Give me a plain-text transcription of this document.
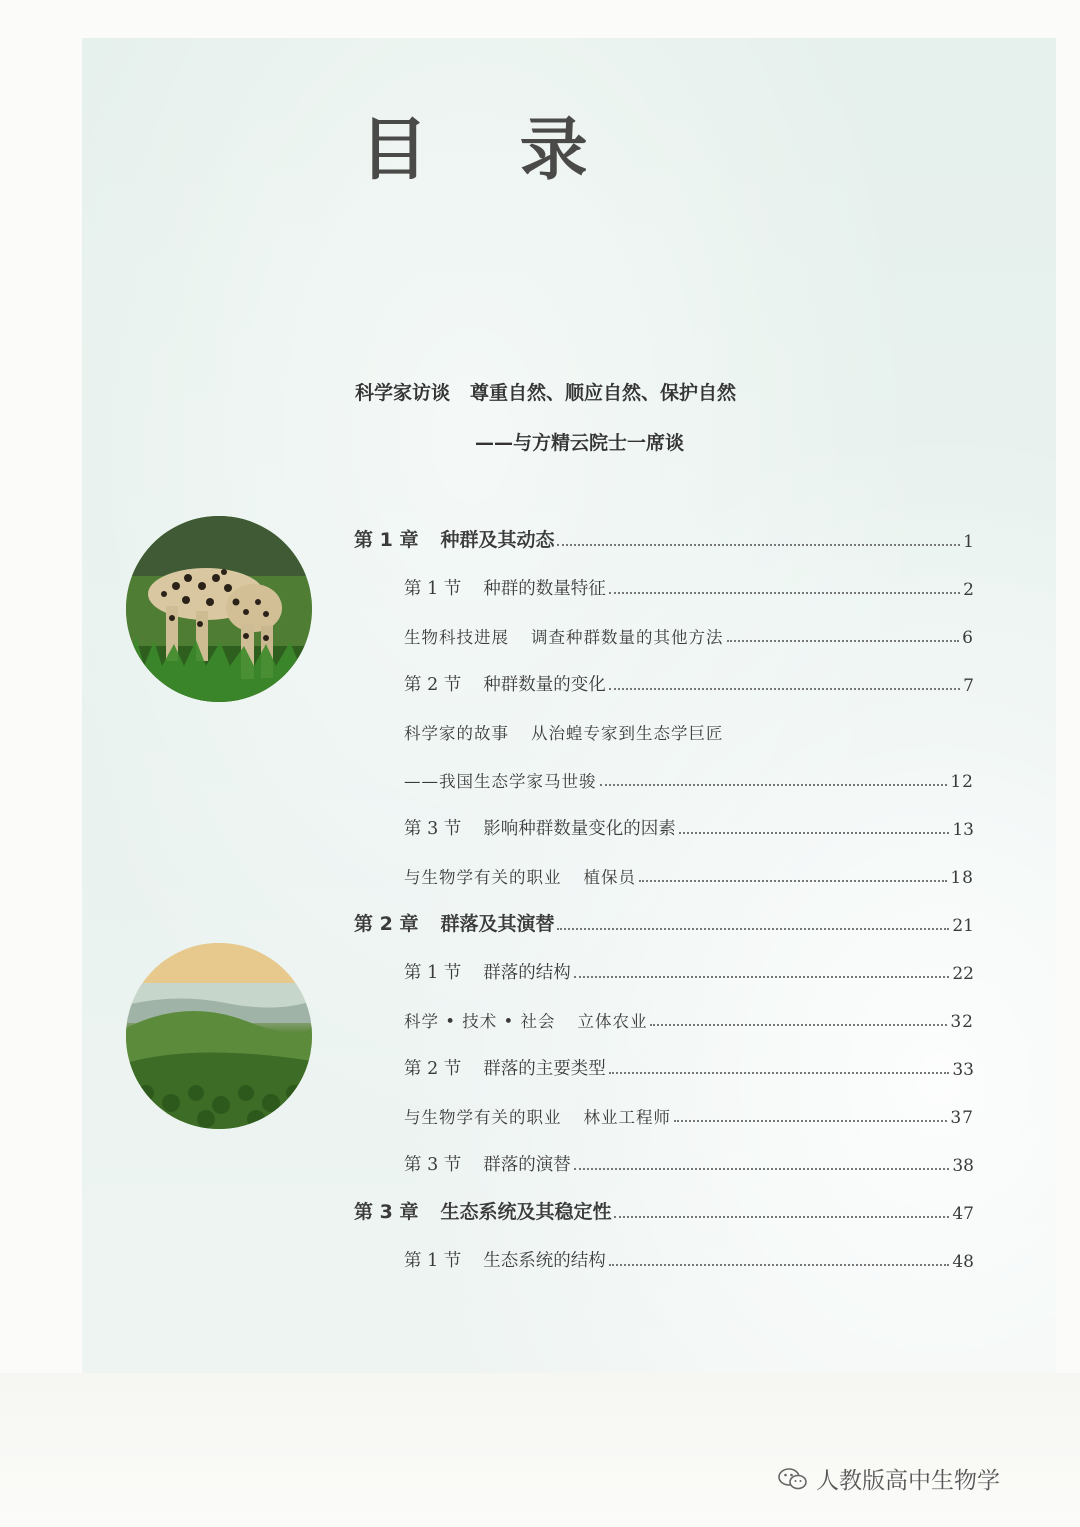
目 录
科学家访谈 尊重自然、顺应自然、保护自然
——与方精云院士一席谈
第 1 章 种群及其动态	1
第 1 节 种群的数量特征	2
生物科技进展 调查种群数量的其他方法	6
第 2 节 种群数量的变化	7
科学家的故事 从治蝗专家到生态学巨匠
——我国生态学家马世骏	12
第 3 节 影响种群数量变化的因素	13
与生物学有关的职业 植保员	18
第 2 章 群落及其演替	21
第 1 节 群落的结构	22
科学 • 技术 • 社会 立体农业	32
第 2 节 群落的主要类型	33
与生物学有关的职业 林业工程师	37
第 3 节 群落的演替	38
第 3 章 生态系统及其稳定性	47
第 1 节 生态系统的结构	48
人教版高中生物学
